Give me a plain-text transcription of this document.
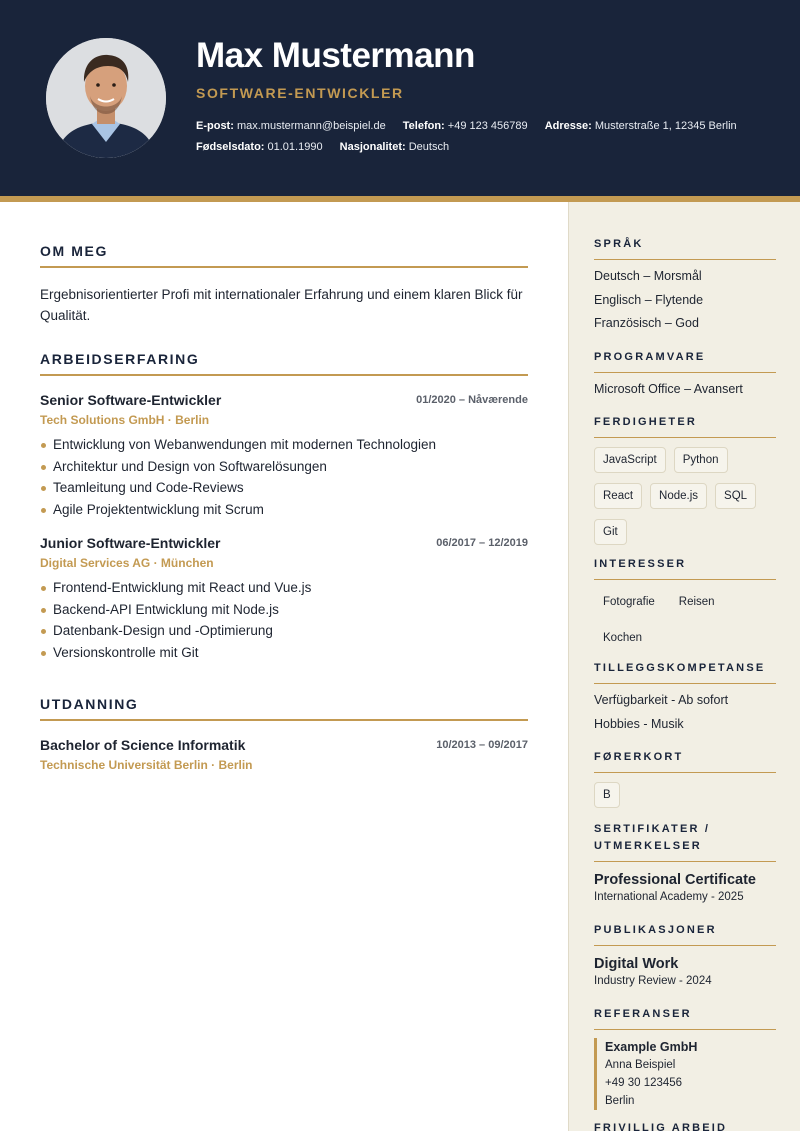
Max Mustermann
SOFTWARE-ENTWICKLER
E-post: max.mustermann@beispiel.de Telefon: +49 123 456789 Adresse: Musterstraße 1, 12345 Berlin
Fødselsdato: 01.01.1990 Nasjonalitet: Deutsch
OM MEG
Ergebnisorientierter Profi mit internationaler Erfahrung und einem klaren Blick für Qualität.
ARBEIDSERFARING
Senior Software-Entwickler	01/2020 – Nåværende
Tech Solutions GmbH · Berlin
Entwicklung von Webanwendungen mit modernen Technologien
Architektur und Design von Softwarelösungen
Teamleitung und Code-Reviews
Agile Projektentwicklung mit Scrum
Junior Software-Entwickler	06/2017 – 12/2019
Digital Services AG · München
Frontend-Entwicklung mit React und Vue.js
Backend-API Entwicklung mit Node.js
Datenbank-Design und -Optimierung
Versionskontrolle mit Git
UTDANNING
Bachelor of Science Informatik	10/2013 – 09/2017
Technische Universität Berlin · Berlin
SPRÅK
Deutsch – Morsmål
Englisch – Flytende
Französisch – God
PROGRAMVARE
Microsoft Office – Avansert
FERDIGHETER
JavaScript	Python
React	Node.js	SQL
Git
INTERESSER
Fotografie	Reisen
Kochen
TILLEGGSKOMPETANSE
Verfügbarkeit - Ab sofort
Hobbies - Musik
FØRERKORT
B
SERTIFIKATER /
UTMERKELSER
Professional Certificate
International Academy - 2025
PUBLIKASJONER
Digital Work
Industry Review - 2024
REFERANSER
Example GmbH
Anna Beispiel
+49 30 123456
Berlin
FRIVILLIG ARBEID
